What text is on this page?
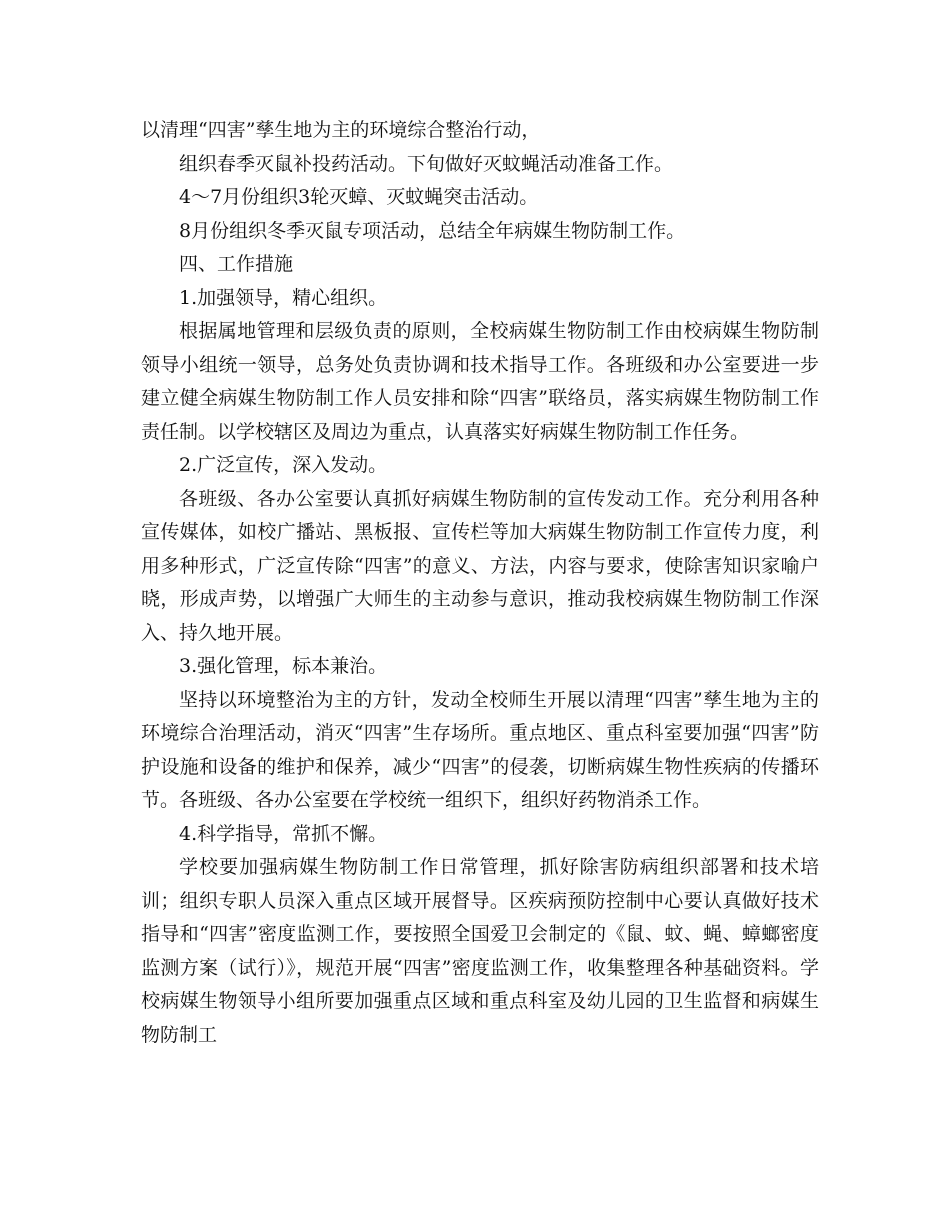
以清理“四害”孳生地为主的环境综合整治行动，

组织春季灭鼠补投药活动。下旬做好灭蚊蝇活动准备工作。

4～7月份组织3轮灭蟑、灭蚊蝇突击活动。

8月份组织冬季灭鼠专项活动，总结全年病媒生物防制工作。

四、工作措施

1.加强领导，精心组织。

根据属地管理和层级负责的原则，全校病媒生物防制工作由校病媒生物防制领导小组统一领导，总务处负责协调和技术指导工作。各班级和办公室要进一步建立健全病媒生物防制工作人员安排和除“四害”联络员，落实病媒生物防制工作责任制。以学校辖区及周边为重点，认真落实好病媒生物防制工作任务。

2.广泛宣传，深入发动。

各班级、各办公室要认真抓好病媒生物防制的宣传发动工作。充分利用各种宣传媒体，如校广播站、黑板报、宣传栏等加大病媒生物防制工作宣传力度，利用多种形式，广泛宣传除“四害”的意义、方法，内容与要求，使除害知识家喻户晓，形成声势，以增强广大师生的主动参与意识，推动我校病媒生物防制工作深入、持久地开展。

3.强化管理，标本兼治。

坚持以环境整治为主的方针，发动全校师生开展以清理“四害”孳生地为主的环境综合治理活动，消灭“四害”生存场所。重点地区、重点科室要加强“四害”防护设施和设备的维护和保养，减少“四害”的侵袭，切断病媒生物性疾病的传播环节。各班级、各办公室要在学校统一组织下，组织好药物消杀工作。

4.科学指导，常抓不懈。

学校要加强病媒生物防制工作日常管理，抓好除害防病组织部署和技术培训；组织专职人员深入重点区域开展督导。区疾病预防控制中心要认真做好技术指导和“四害”密度监测工作，要按照全国爱卫会制定的《鼠、蚊、蝇、蟑螂密度监测方案（试行）》，规范开展“四害”密度监测工作，收集整理各种基础资料。学校病媒生物领导小组所要加强重点区域和重点科室及幼儿园的卫生监督和病媒生物防制工
